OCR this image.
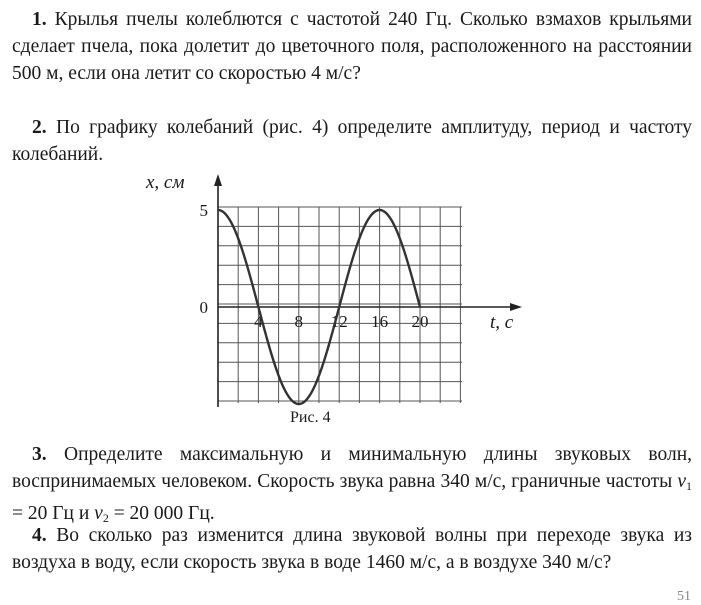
1. Крылья пчелы колеблются с частотой 240 Гц. Сколько взмахов крыльями сделает пчела, пока долетит до цветочного поля, расположенного на расстоянии 500 м, если она летит со скоростью 4 м/с?

2. По графику колебаний (рис. 4) определите амплитуду, период и частоту колебаний.

4 8 12 16 20
5
0
x, см
t, с
Рис. 4

3. Определите максимальную и минимальную длины звуковых волн, воспринимаемых человеком. Скорость звука равна 340 м/с, граничные частоты $\nu_1 = 20$ Гц и $\nu_2 = 20$ 000 Гц.

4. Во сколько раз изменится длина звуковой волны при переходе звука из воздуха в воду, если скорость звука в воде 1460 м/с, а в воздухе 340 м/с?

51
